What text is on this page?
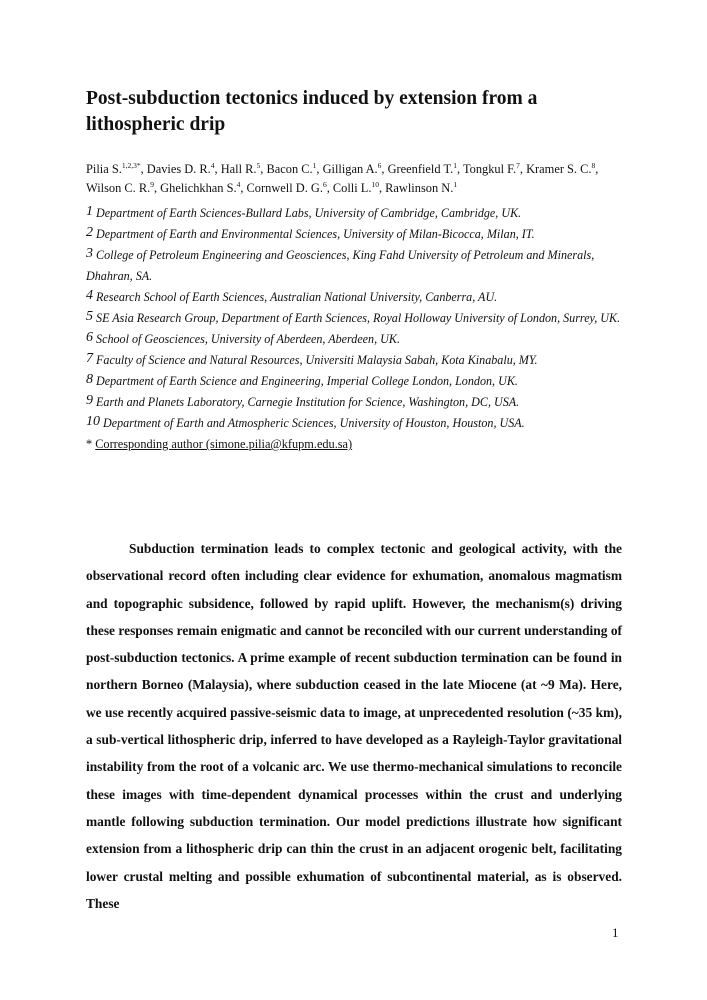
Post-subduction tectonics induced by extension from a lithospheric drip
Pilia S.$^{1,2,3*}$, Davies D. R.$^4$, Hall R.$^5$, Bacon C.$^1$, Gilligan A.$^6$, Greenfield T.$^1$, Tongkul F.$^7$, Kramer S. C.$^8$, Wilson C. R.$^9$, Ghelichkhan S.$^4$, Cornwell D. G.$^6$, Colli L.$^{10}$, Rawlinson N.$^1$
1 Department of Earth Sciences-Bullard Labs, University of Cambridge, Cambridge, UK.
2 Department of Earth and Environmental Sciences, University of Milan-Bicocca, Milan, IT.
3 College of Petroleum Engineering and Geosciences, King Fahd University of Petroleum and Minerals, Dhahran, SA.
4 Research School of Earth Sciences, Australian National University, Canberra, AU.
5 SE Asia Research Group, Department of Earth Sciences, Royal Holloway University of London, Surrey, UK.
6 School of Geosciences, University of Aberdeen, Aberdeen, UK.
7 Faculty of Science and Natural Resources, Universiti Malaysia Sabah, Kota Kinabalu, MY.
8 Department of Earth Science and Engineering, Imperial College London, London, UK.
9 Earth and Planets Laboratory, Carnegie Institution for Science, Washington, DC, USA.
10 Department of Earth and Atmospheric Sciences, University of Houston, Houston, USA.
* Corresponding author (simone.pilia@kfupm.edu.sa)

Subduction termination leads to complex tectonic and geological activity, with the observational record often including clear evidence for exhumation, anomalous magmatism and topographic subsidence, followed by rapid uplift. However, the mechanism(s) driving these responses remain enigmatic and cannot be reconciled with our current understanding of post-subduction tectonics. A prime example of recent subduction termination can be found in northern Borneo (Malaysia), where subduction ceased in the late Miocene (at ~9 Ma). Here, we use recently acquired passive-seismic data to image, at unprecedented resolution (~35 km), a sub-vertical lithospheric drip, inferred to have developed as a Rayleigh-Taylor gravitational instability from the root of a volcanic arc. We use thermo-mechanical simulations to reconcile these images with time-dependent dynamical processes within the crust and underlying mantle following subduction termination. Our model predictions illustrate how significant extension from a lithospheric drip can thin the crust in an adjacent orogenic belt, facilitating lower crustal melting and possible exhumation of subcontinental material, as is observed. These

1
